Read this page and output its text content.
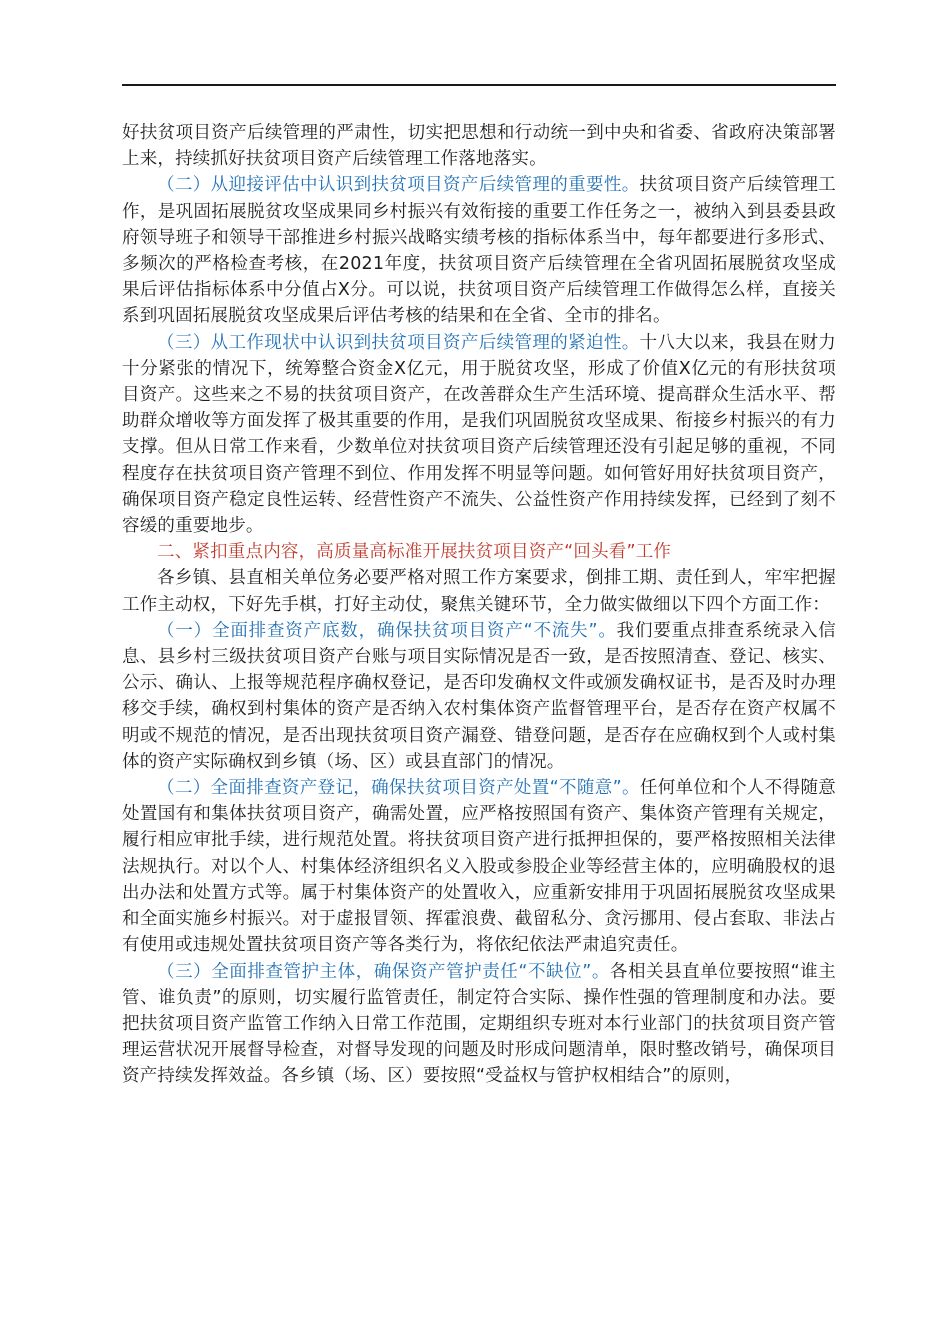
好扶贫项目资产后续管理的严肃性，切实把思想和行动统一到中央和省委、省政府决策部署上来，持续抓好扶贫项目资产后续管理工作落地落实。

（二）从迎接评估中认识到扶贫项目资产后续管理的重要性。扶贫项目资产后续管理工作，是巩固拓展脱贫攻坚成果同乡村振兴有效衔接的重要工作任务之一，被纳入到县委县政府领导班子和领导干部推进乡村振兴战略实绩考核的指标体系当中，每年都要进行多形式、多频次的严格检查考核，在2021年度，扶贫项目资产后续管理在全省巩固拓展脱贫攻坚成果后评估指标体系中分值占X分。可以说，扶贫项目资产后续管理工作做得怎么样，直接关系到巩固拓展脱贫攻坚成果后评估考核的结果和在全省、全市的排名。

（三）从工作现状中认识到扶贫项目资产后续管理的紧迫性。十八大以来，我县在财力十分紧张的情况下，统筹整合资金X亿元，用于脱贫攻坚，形成了价值X亿元的有形扶贫项目资产。这些来之不易的扶贫项目资产，在改善群众生产生活环境、提高群众生活水平、帮助群众增收等方面发挥了极其重要的作用，是我们巩固脱贫攻坚成果、衔接乡村振兴的有力支撑。但从日常工作来看，少数单位对扶贫项目资产后续管理还没有引起足够的重视，不同程度存在扶贫项目资产管理不到位、作用发挥不明显等问题。如何管好用好扶贫项目资产，确保项目资产稳定良性运转、经营性资产不流失、公益性资产作用持续发挥，已经到了刻不容缓的重要地步。

二、紧扣重点内容，高质量高标准开展扶贫项目资产“回头看”工作

各乡镇、县直相关单位务必要严格对照工作方案要求，倒排工期、责任到人，牢牢把握工作主动权，下好先手棋，打好主动仗，聚焦关键环节，全力做实做细以下四个方面工作：

（一）全面排查资产底数，确保扶贫项目资产“不流失”。我们要重点排查系统录入信息、县乡村三级扶贫项目资产台账与项目实际情况是否一致，是否按照清查、登记、核实、公示、确认、上报等规范程序确权登记，是否印发确权文件或颁发确权证书，是否及时办理移交手续，确权到村集体的资产是否纳入农村集体资产监督管理平台，是否存在资产权属不明或不规范的情况，是否出现扶贫项目资产漏登、错登问题，是否存在应确权到个人或村集体的资产实际确权到乡镇（场、区）或县直部门的情况。

（二）全面排查资产登记，确保扶贫项目资产处置“不随意”。任何单位和个人不得随意处置国有和集体扶贫项目资产，确需处置，应严格按照国有资产、集体资产管理有关规定，履行相应审批手续，进行规范处置。将扶贫项目资产进行抵押担保的，要严格按照相关法律法规执行。对以个人、村集体经济组织名义入股或参股企业等经营主体的，应明确股权的退出办法和处置方式等。属于村集体资产的处置收入，应重新安排用于巩固拓展脱贫攻坚成果和全面实施乡村振兴。对于虚报冒领、挥霍浪费、截留私分、贪污挪用、侵占套取、非法占有使用或违规处置扶贫项目资产等各类行为，将依纪依法严肃追究责任。

（三）全面排查管护主体，确保资产管护责任“不缺位”。各相关县直单位要按照“谁主管、谁负责”的原则，切实履行监管责任，制定符合实际、操作性强的管理制度和办法。要把扶贫项目资产监管工作纳入日常工作范围，定期组织专班对本行业部门的扶贫项目资产管理运营状况开展督导检查，对督导发现的问题及时形成问题清单，限时整改销号，确保项目资产持续发挥效益。各乡镇（场、区）要按照“受益权与管护权相结合”的原则，
